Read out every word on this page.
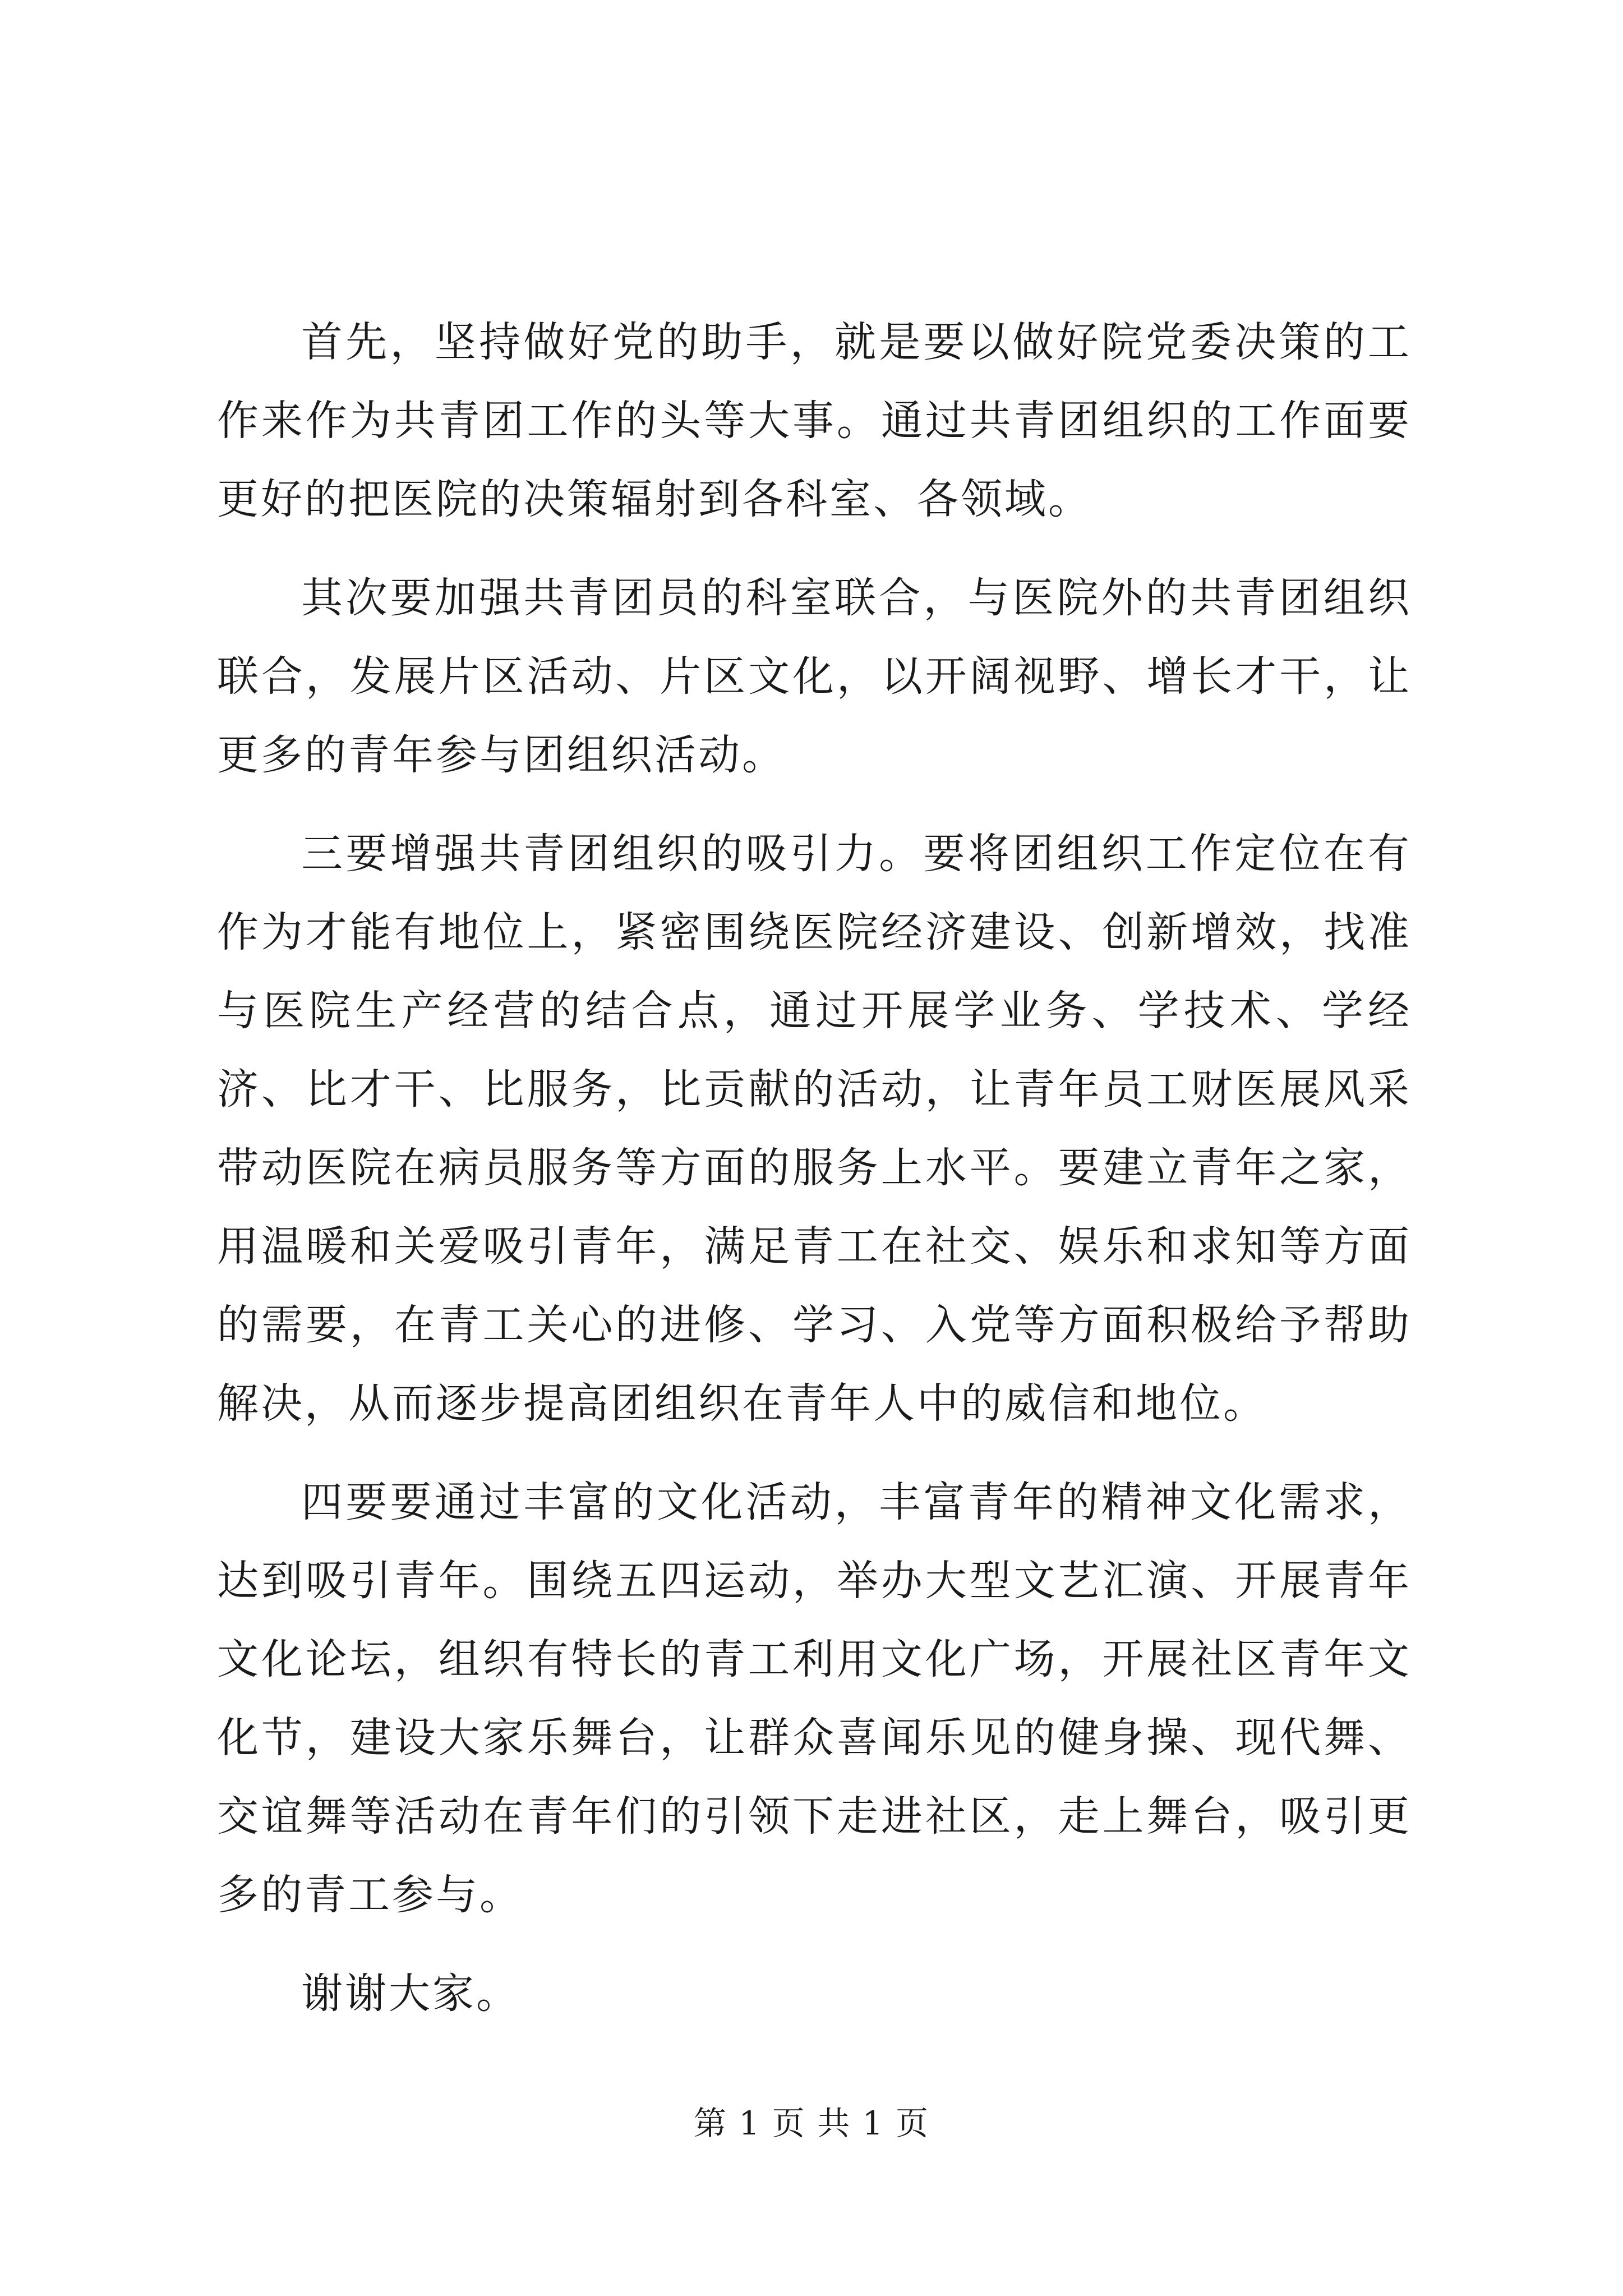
首先，坚持做好党的助手，就是要以做好院党委决策的工作来作为共青团工作的头等大事。通过共青团组织的工作面要更好的把医院的决策辐射到各科室、各领域。

其次要加强共青团员的科室联合，与医院外的共青团组织联合，发展片区活动、片区文化，以开阔视野、增长才干，让更多的青年参与团组织活动。

三要增强共青团组织的吸引力。要将团组织工作定位在有作为才能有地位上，紧密围绕医院经济建设、创新增效，找准与医院生产经营的结合点，通过开展学业务、学技术、学经济、比才干、比服务，比贡献的活动，让青年员工财医展风采带动医院在病员服务等方面的服务上水平。要建立青年之家，用温暖和关爱吸引青年，满足青工在社交、娱乐和求知等方面的需要，在青工关心的进修、学习、入党等方面积极给予帮助解决，从而逐步提高团组织在青年人中的威信和地位。

四要要通过丰富的文化活动，丰富青年的精神文化需求，达到吸引青年。围绕五四运动，举办大型文艺汇演、开展青年文化论坛，组织有特长的青工利用文化广场，开展社区青年文化节，建设大家乐舞台，让群众喜闻乐见的健身操、现代舞、交谊舞等活动在青年们的引领下走进社区，走上舞台，吸引更多的青工参与。

谢谢大家。

第 1 页 共 1 页
